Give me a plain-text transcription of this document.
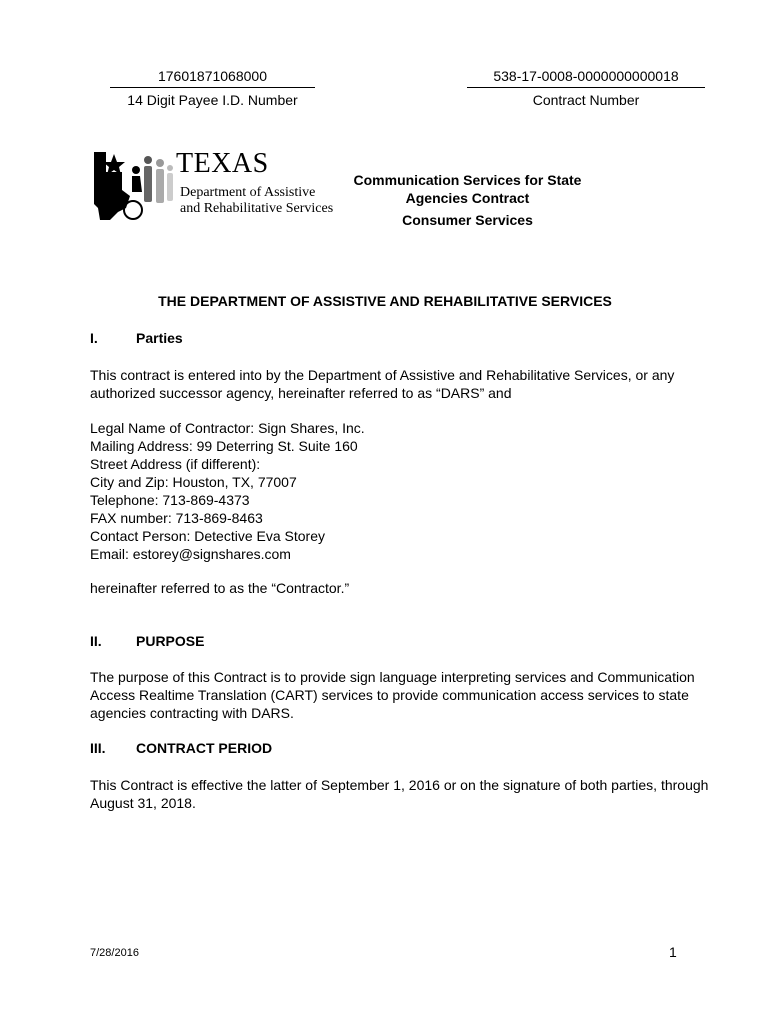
17601871068000
14 Digit Payee I.D. Number
538-17-0008-0000000000018
Contract Number
TEXAS
Department of Assistive
and Rehabilitative Services
Communication Services for State
Agencies Contract
Consumer Services
THE DEPARTMENT OF ASSISTIVE AND REHABILITATIVE SERVICES
I.	Parties

This contract is entered into by the Department of Assistive and Rehabilitative Services, or any authorized successor agency, hereinafter referred to as “DARS” and

Legal Name of Contractor: Sign Shares, Inc.
Mailing Address: 99 Deterring St. Suite 160
Street Address (if different):
City and Zip: Houston, TX, 77007
Telephone: 713-869-4373
FAX number: 713-869-8463
Contact Person: Detective Eva Storey
Email: estorey@signshares.com

hereinafter referred to as the “Contractor.”

II. PURPOSE

The purpose of this Contract is to provide sign language interpreting services and Communication Access Realtime Translation (CART) services to provide communication access services to state agencies contracting with DARS.

III. CONTRACT PERIOD

This Contract is effective the latter of September 1, 2016 or on the signature of both parties, through August 31, 2018.

7/28/2016	1
